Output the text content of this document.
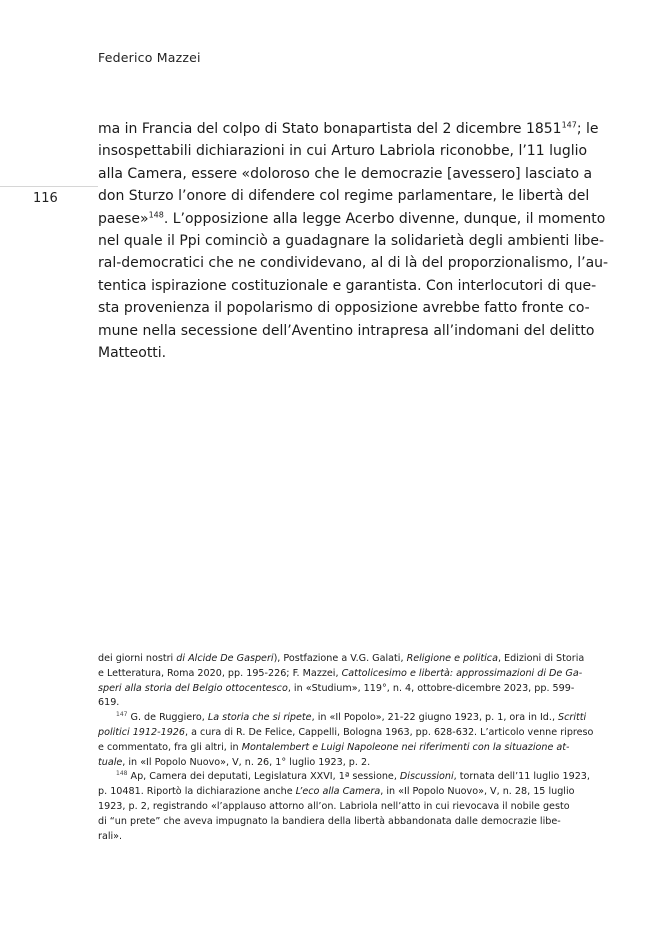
Federico Mazzei
116
ma in Francia del colpo di Stato bonapartista del 2 dicembre 1851$^{147}$; le
insospettabili dichiarazioni in cui Arturo Labriola riconobbe, l’11 luglio
alla Camera, essere «doloroso che le democrazie [avessero] lasciato a
don Sturzo l’onore di difendere col regime parlamentare, le libertà del
paese»$^{148}$. L’opposizione alla legge Acerbo divenne, dunque, il momento
nel quale il Ppi cominciò a guadagnare la solidarietà degli ambienti libe-
ral-democratici che ne condividevano, al di là del proporzionalismo, l’au-
tentica ispirazione costituzionale e garantista. Con interlocutori di que-
sta provenienza il popolarismo di opposizione avrebbe fatto fronte co-
mune nella secessione dell’Aventino intrapresa all’indomani del delitto
Matteotti.
dei giorni nostri di Alcide De Gasperi), Postfazione a V.G. Galati, Religione e politica, Edizioni di Storia
e Letteratura, Roma 2020, pp. 195-226; F. Mazzei, Cattolicesimo e libertà: approssimazioni di De Ga-
speri alla storia del Belgio ottocentesco, in «Studium», 119°, n. 4, ottobre-dicembre 2023, pp. 599-
619.
$^{147}$ G. de Ruggiero, La storia che si ripete, in «Il Popolo», 21-22 giugno 1923, p. 1, ora in Id., Scritti
politici 1912-1926, a cura di R. De Felice, Cappelli, Bologna 1963, pp. 628-632. L’articolo venne ripreso
e commentato, fra gli altri, in Montalembert e Luigi Napoleone nei riferimenti con la situazione at-
tuale, in «Il Popolo Nuovo», V, n. 26, 1° luglio 1923, p. 2.
$^{148}$ Ap, Camera dei deputati, Legislatura XXVI, 1ª sessione, Discussioni, tornata dell’11 luglio 1923,
p. 10481. Riportò la dichiarazione anche L’eco alla Camera, in «Il Popolo Nuovo», V, n. 28, 15 luglio
1923, p. 2, registrando «l’applauso attorno all’on. Labriola nell’atto in cui rievocava il nobile gesto
di “un prete” che aveva impugnato la bandiera della libertà abbandonata dalle democrazie libe-
rali».
